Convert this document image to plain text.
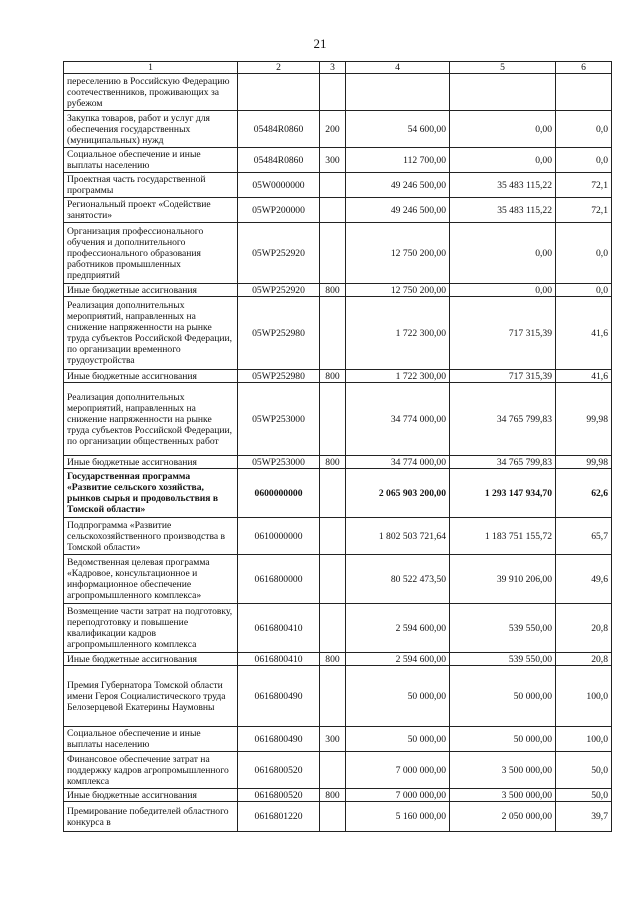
21
1	2	3	4	5	6
переселению в Российскую Федерацию соотечественников, проживающих за рубежом					
Закупка товаров, работ и услуг для обеспечения государственных (муниципальных) нужд	05484R0860	200	54 600,00	0,00	0,0
Социальное обеспечение и иные выплаты населению	05484R0860	300	112 700,00	0,00	0,0
Проектная часть государственной программы	05W0000000		49 246 500,00	35 483 115,22	72,1
Региональный проект «Содействие занятости»	05WP200000		49 246 500,00	35 483 115,22	72,1
Организация профессионального обучения и дополнительного профессионального образования работников промышленных предприятий	05WP252920		12 750 200,00	0,00	0,0
Иные бюджетные ассигнования	05WP252920	800	12 750 200,00	0,00	0,0
Реализация дополнительных мероприятий, направленных на снижение напряженности на рынке труда субъектов Российской Федерации, по организации временного трудоустройства	05WP252980		1 722 300,00	717 315,39	41,6
Иные бюджетные ассигнования	05WP252980	800	1 722 300,00	717 315,39	41,6
Реализация дополнительных мероприятий, направленных на снижение напряженности на рынке труда субъектов Российской Федерации, по организации общественных работ	05WP253000		34 774 000,00	34 765 799,83	99,98
Иные бюджетные ассигнования	05WP253000	800	34 774 000,00	34 765 799,83	99,98
Государственная программа «Развитие сельского хозяйства, рынков сырья и продовольствия в Томской области»	0600000000		2 065 903 200,00	1 293 147 934,70	62,6
Подпрограмма «Развитие сельскохозяйственного производства в Томской области»	0610000000		1 802 503 721,64	1 183 751 155,72	65,7
Ведомственная целевая программа «Кадровое, консультационное и информационное обеспечение агропромышленного комплекса»	0616800000		80 522 473,50	39 910 206,00	49,6
Возмещение части затрат на подготовку, переподготовку и повышение квалификации кадров агропромышленного комплекса	0616800410		2 594 600,00	539 550,00	20,8
Иные бюджетные ассигнования	0616800410	800	2 594 600,00	539 550,00	20,8
Премия Губернатора Томской области имени Героя Социалистического труда Белозерцевой Екатерины Наумовны	0616800490		50 000,00	50 000,00	100,0
Социальное обеспечение и иные выплаты населению	0616800490	300	50 000,00	50 000,00	100,0
Финансовое обеспечение затрат на поддержку кадров агропромышленного комплекса	0616800520		7 000 000,00	3 500 000,00	50,0
Иные бюджетные ассигнования	0616800520	800	7 000 000,00	3 500 000,00	50,0
Премирование победителей областного конкурса в	0616801220		5 160 000,00	2 050 000,00	39,7
